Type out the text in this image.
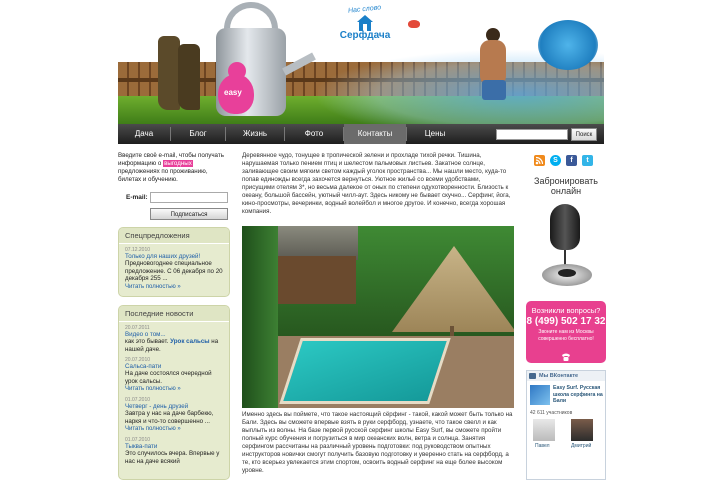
easy
Нас слово
Серфдача
Дача	Блог	Жизнь	Фото	Контакты	Цены	Поиск

Введите своё e-mail, чтобы получать информацию о выгодных предложениях по проживанию, билетах и обучению.

E-mail:
Подписаться
Спецпредложения
07.12.2010
Только для наших друзей!
Предновогоднее специальное предложение. С 06 декабря по 20 декабря 255 ...
Читать полностью »
Последние новости
20.07.2011
Видео о том...
как это бывает. Урок сальсы на нашей даче.
20.07.2010
Сальса-пати
На даче состоялся очередной урок сальсы.
Читать полностью »
01.07.2010
Четверг - день друзей
Завтра у нас на даче барбекю, наркя и что-то совершенно ...
Читать полностью »
01.07.2010
Тыква-пати
Это случилось вчера. Впервые у нас на даче всякий

Деревянное чудо, тонущее в тропической зелени и прохладе тихой речки. Тишина, нарушаемая только пением птиц и шелестом пальмовых листьев. Закатное солнце, заливающее своим мягким светом каждый уголок пространства... Мы нашли место, куда-то попав единожды всегда захочется вернуться. Уютное жильё со всеми удобствами, присущими отелям 3*, но весьма далекое от оных по степени одухотворенности. Близость к океану, большой бассейн, уютный чилл-аут. Здесь никому не бывает скучно... Серфинг, йога, кино-просмотры, вечеринки, водный волейбол и многое другое. И конечно, всегда хорошая компания.

Именно здесь вы поймете, что такое настоящий сёрфинг - такой, какой может быть только на Бали. Здесь вы сможете впервые взять в руки серфборд, узнаете, что такое свелл и как выплыть из волны. На базе первой русской серфинг школы Easy Surf, вы сможете пройти полный курс обучения и погрузиться в мир океанских волн, ветра и солнца. Занятия серфингом рассчитаны на различный уровень подготовки: под руководством опытных инструкторов новички смогут получить базовую подготовку и уверенно стать на серфборд, а те, кто всерьез увлекается этим спортом, освоить водный серфинг на еще более высоком уровне.

S	f	t
Забронировать онлайн
Возникли вопросы?
8 (499) 502 17 32
Звоните нам из Москвы совершенно бесплатно!
Мы ВКонтакте
Easy Surf. Русская школа серфинга на Бали
42 611 участников
Павел	Дмитрий
